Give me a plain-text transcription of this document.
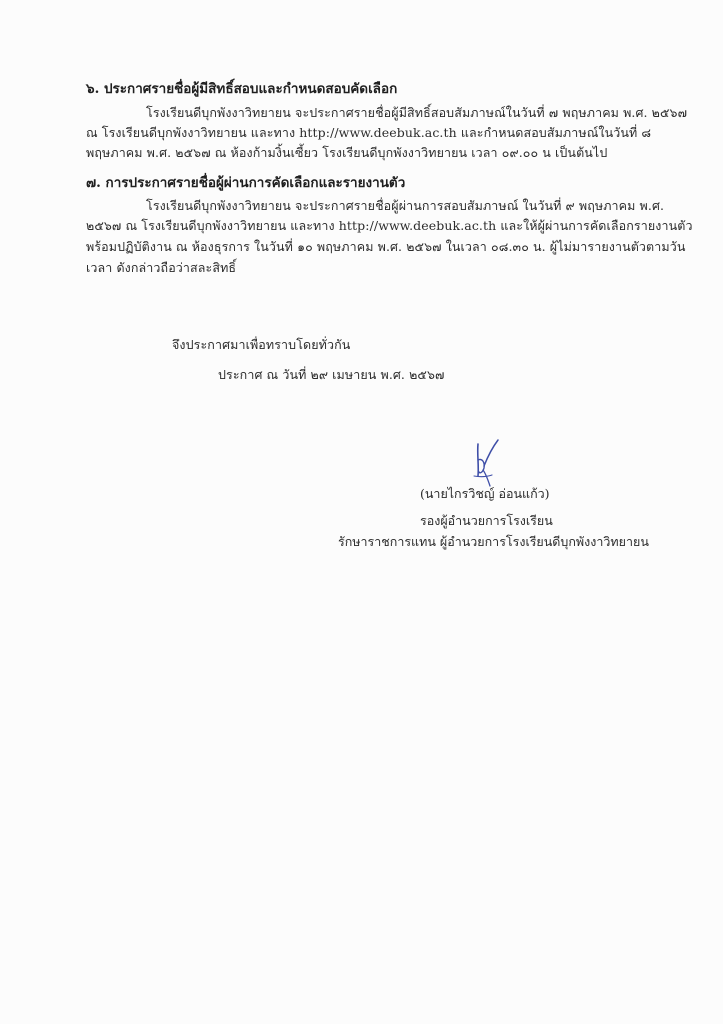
๖. ประกาศรายชื่อผู้มีสิทธิ์สอบและกำหนดสอบคัดเลือก
โรงเรียนดีบุกพังงาวิทยายน จะประกาศรายชื่อผู้มีสิทธิ์สอบสัมภาษณ์ในวันที่ ๗ พฤษภาคม พ.ศ. ๒๕๖๗
ณ โรงเรียนดีบุกพังงาวิทยายน และทาง http://www.deebuk.ac.th และกำหนดสอบสัมภาษณ์ในวันที่ ๘
พฤษภาคม พ.ศ. ๒๕๖๗ ณ ห้องก้ามงิ้นเซี้ยว โรงเรียนดีบุกพังงาวิทยายน เวลา ๐๙.๐๐ น เป็นต้นไป
๗. การประกาศรายชื่อผู้ผ่านการคัดเลือกและรายงานตัว
โรงเรียนดีบุกพังงาวิทยายน จะประกาศรายชื่อผู้ผ่านการสอบสัมภาษณ์ ในวันที่ ๙ พฤษภาคม พ.ศ.
๒๕๖๗ ณ โรงเรียนดีบุกพังงาวิทยายน และทาง http://www.deebuk.ac.th และให้ผู้ผ่านการคัดเลือกรายงานตัว
พร้อมปฏิบัติงาน ณ ห้องธุรการ ในวันที่ ๑๐ พฤษภาคม พ.ศ. ๒๕๖๗ ในเวลา ๐๘.๓๐ น. ผู้ไม่มารายงานตัวตามวัน
เวลา ดังกล่าวถือว่าสละสิทธิ์
จึงประกาศมาเพื่อทราบโดยทั่วกัน
ประกาศ ณ วันที่ ๒๙ เมษายน พ.ศ. ๒๕๖๗
(นายไกรวิชญ์ อ่อนแก้ว)
รองผู้อำนวยการโรงเรียน
รักษาราชการแทน ผู้อำนวยการโรงเรียนดีบุกพังงาวิทยายน
